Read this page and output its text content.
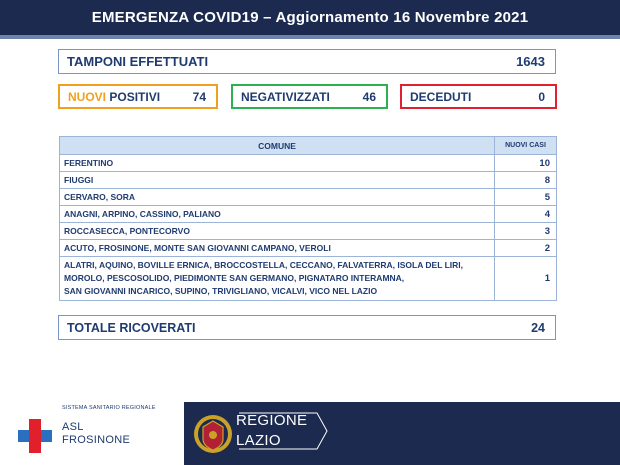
EMERGENZA COVID19 – Aggiornamento 16 Novembre 2021
TAMPONI EFFETTUATI	1643
NUOVI POSITIVI	74	NEGATIVIZZATI	46	DECEDUTI	0
COMUNE	NUOVI CASI
FERENTINO	10
FIUGGI	8
CERVARO, SORA	5
ANAGNI, ARPINO, CASSINO, PALIANO	4
ROCCASECCA, PONTECORVO	3
ACUTO, FROSINONE, MONTE SAN GIOVANNI CAMPANO, VEROLI	2

ALATRI, AQUINO, BOVILLE ERNICA, BROCCOSTELLA, CECCANO, FALVATERRA, ISOLA DEL LIRI,
MOROLO, PESCOSOLIDO, PIEDIMONTE SAN GERMANO, PIGNATARO INTERAMNA,
SAN GIOVANNI INCARICO, SUPINO, TRIVIGLIANO, VICALVI, VICO NEL LAZIO	1
TOTALE RICOVERATI	24
SISTEMA SANITARIO REGIONALE
ASL
FROSINONE
REGIONE
LAZIO
